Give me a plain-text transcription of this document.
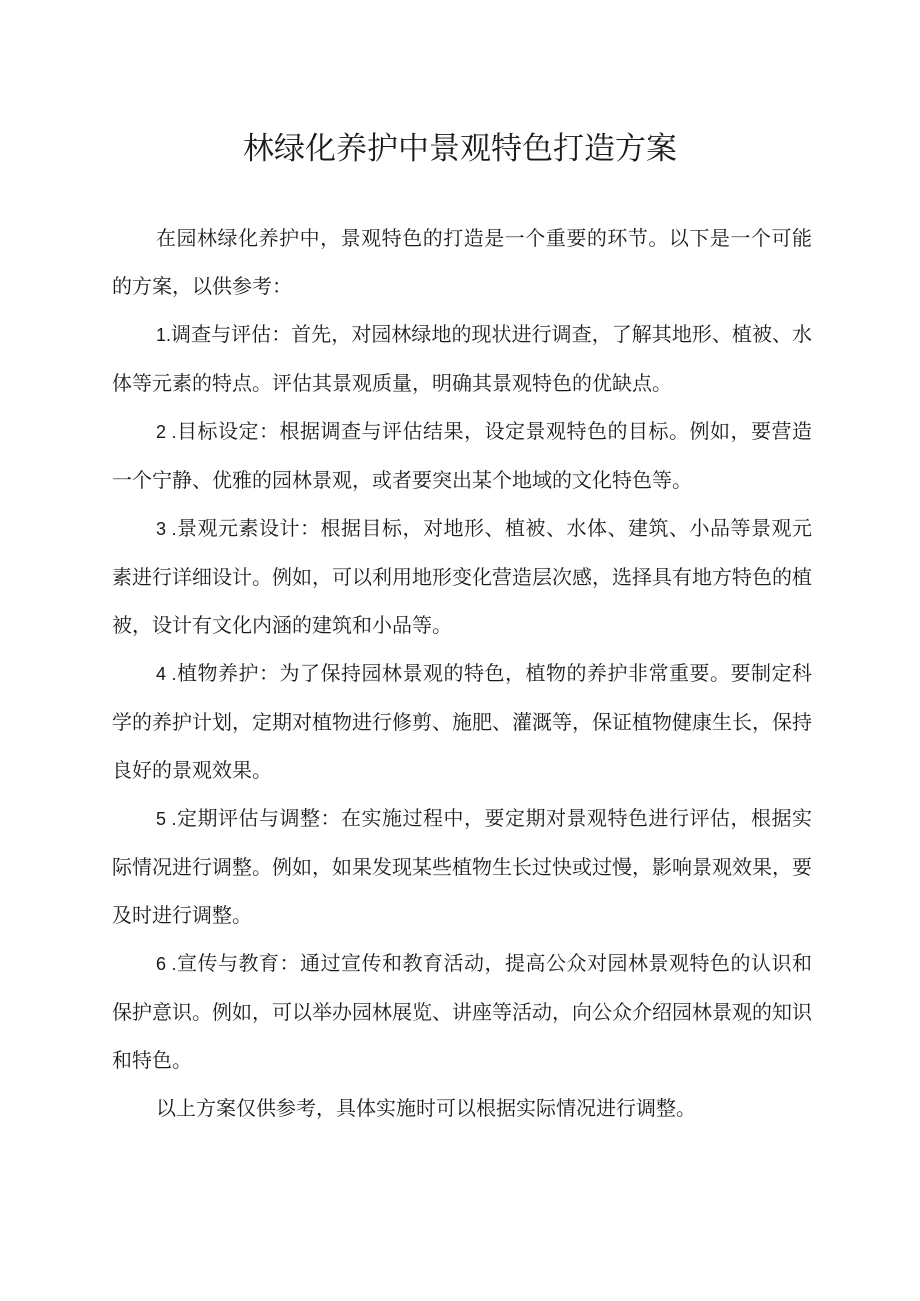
林绿化养护中景观特色打造方案

在园林绿化养护中，景观特色的打造是一个重要的环节。以下是一个可能的方案，以供参考：

1.调查与评估：首先，对园林绿地的现状进行调查，了解其地形、植被、水体等元素的特点。评估其景观质量，明确其景观特色的优缺点。

2 .目标设定：根据调查与评估结果，设定景观特色的目标。例如，要营造一个宁静、优雅的园林景观，或者要突出某个地域的文化特色等。

3 .景观元素设计：根据目标，对地形、植被、水体、建筑、小品等景观元素进行详细设计。例如，可以利用地形变化营造层次感，选择具有地方特色的植被，设计有文化内涵的建筑和小品等。

4 .植物养护：为了保持园林景观的特色，植物的养护非常重要。要制定科学的养护计划，定期对植物进行修剪、施肥、灌溉等，保证植物健康生长，保持良好的景观效果。

5 .定期评估与调整：在实施过程中，要定期对景观特色进行评估，根据实际情况进行调整。例如，如果发现某些植物生长过快或过慢，影响景观效果，要及时进行调整。

6 .宣传与教育：通过宣传和教育活动，提高公众对园林景观特色的认识和保护意识。例如，可以举办园林展览、讲座等活动，向公众介绍园林景观的知识和特色。

以上方案仅供参考，具体实施时可以根据实际情况进行调整。
